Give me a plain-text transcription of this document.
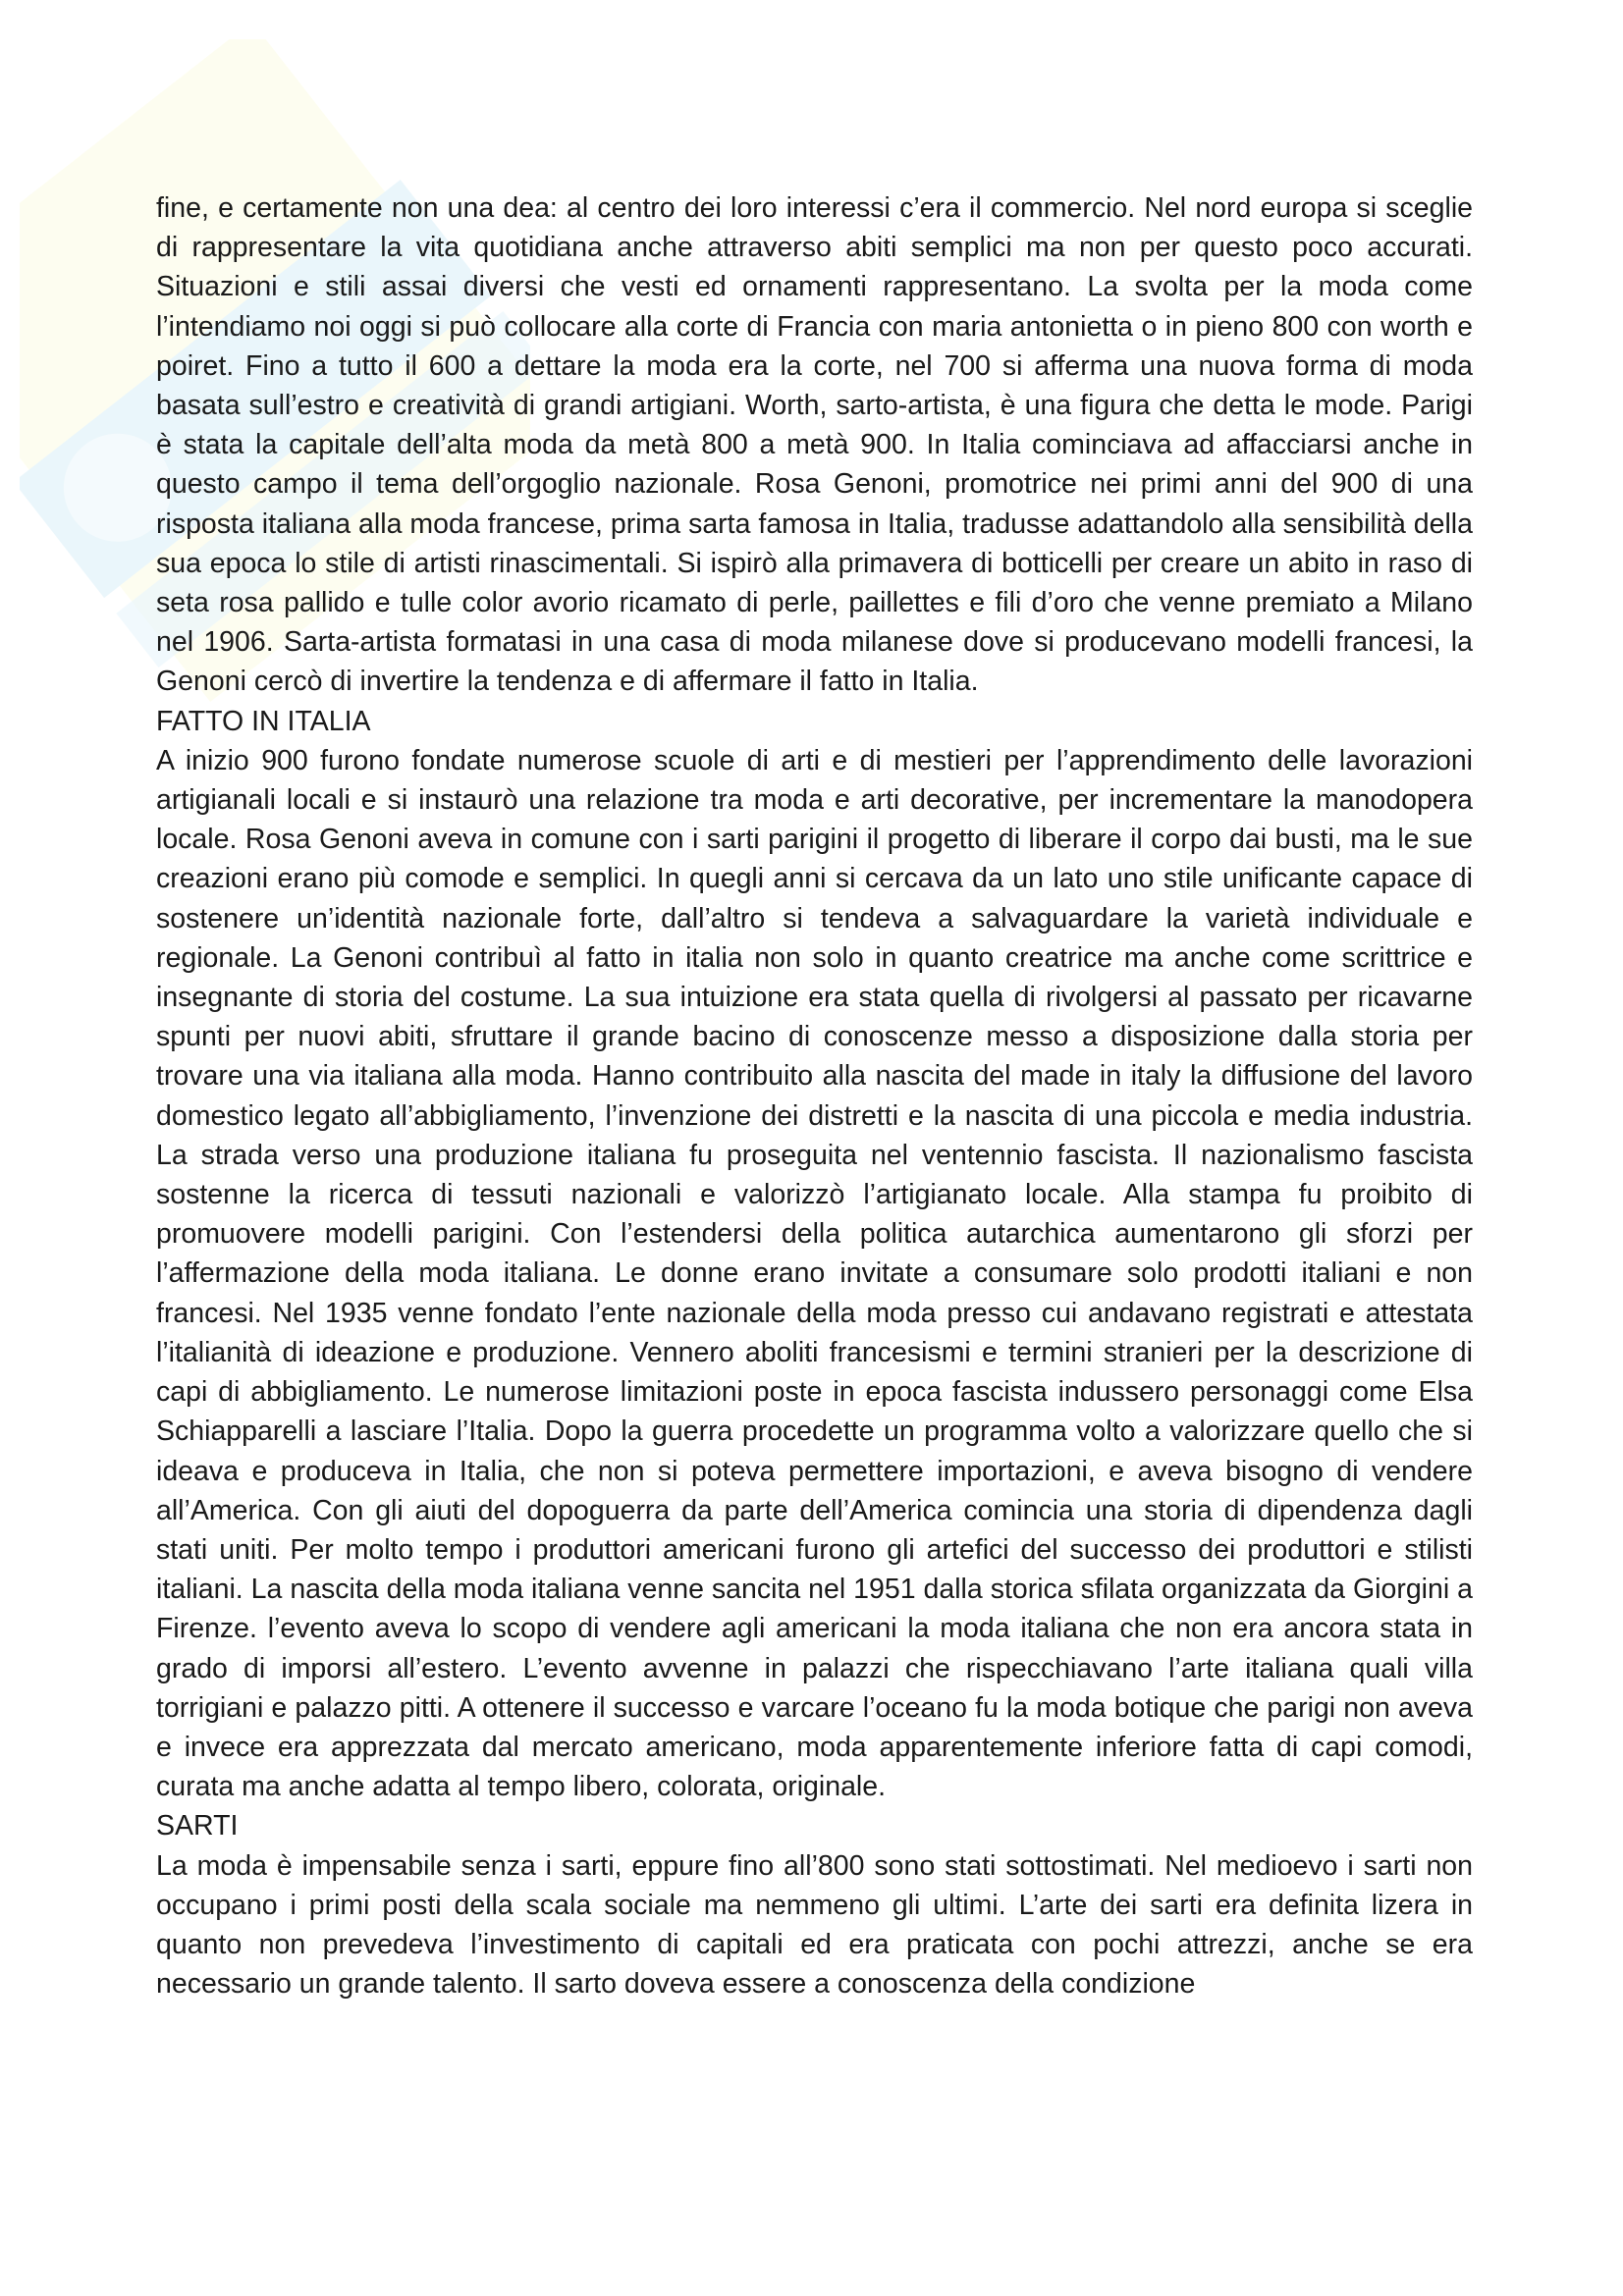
fine, e certamente non una dea: al centro dei loro interessi c’era il commercio. Nel nord europa si sceglie di rappresentare la vita quotidiana anche attraverso abiti semplici ma non per questo poco accurati. Situazioni e stili assai diversi che vesti ed ornamenti rappresentano. La svolta per la moda come l’intendiamo noi oggi si può collocare alla corte di Francia con maria antonietta o in pieno 800 con worth e poiret. Fino a tutto il 600 a dettare la moda era la corte, nel 700 si afferma una nuova forma di moda basata sull’estro e creatività di grandi artigiani. Worth, sarto-artista, è una figura che detta le mode. Parigi è stata la capitale dell’alta moda da metà 800 a metà 900. In Italia cominciava ad affacciarsi anche in questo campo il tema dell’orgoglio nazionale. Rosa Genoni, promotrice nei primi anni del 900 di una risposta italiana alla moda francese, prima sarta famosa in Italia, tradusse adattandolo alla sensibilità della sua epoca lo stile di artisti rinascimentali. Si ispirò alla primavera di botticelli per creare un abito in raso di seta rosa pallido e tulle color avorio ricamato di perle, paillettes e fili d’oro che venne premiato a Milano nel 1906. Sarta-artista formatasi in una casa di moda milanese dove si producevano modelli francesi, la Genoni cercò di invertire la tendenza e di affermare il fatto in Italia.

FATTO IN ITALIA

A inizio 900 furono fondate numerose scuole di arti e di mestieri per l’apprendimento delle lavorazioni artigianali locali e si instaurò una relazione tra moda e arti decorative, per incrementare la manodopera locale. Rosa Genoni aveva in comune con i sarti parigini il progetto di liberare il corpo dai busti, ma le sue creazioni erano più comode e semplici. In quegli anni si cercava da un lato uno stile unificante capace di sostenere un’identità nazionale forte, dall’altro si tendeva a salvaguardare la varietà individuale e regionale. La Genoni contribuì al fatto in italia non solo in quanto creatrice ma anche come scrittrice e insegnante di storia del costume. La sua intuizione era stata quella di rivolgersi al passato per ricavarne spunti per nuovi abiti, sfruttare il grande bacino di conoscenze messo a disposizione dalla storia per trovare una via italiana alla moda. Hanno contribuito alla nascita del made in italy la diffusione del lavoro domestico legato all’abbigliamento, l’invenzione dei distretti e la nascita di una piccola e media industria. La strada verso una produzione italiana fu proseguita nel ventennio fascista. Il nazionalismo fascista sostenne la ricerca di tessuti nazionali e valorizzò l’artigianato locale. Alla stampa fu proibito di promuovere modelli parigini. Con l’estendersi della politica autarchica aumentarono gli sforzi per l’affermazione della moda italiana. Le donne erano invitate a consumare solo prodotti italiani e non francesi. Nel 1935 venne fondato l’ente nazionale della moda presso cui andavano registrati e attestata l’italianità di ideazione e produzione. Vennero aboliti francesismi e termini stranieri per la descrizione di capi di abbigliamento. Le numerose limitazioni poste in epoca fascista indussero personaggi come Elsa Schiapparelli a lasciare l’Italia. Dopo la guerra procedette un programma volto a valorizzare quello che si ideava e produceva in Italia, che non si poteva permettere importazioni, e aveva bisogno di vendere all’America. Con gli aiuti del dopoguerra da parte dell’America comincia una storia di dipendenza dagli stati uniti. Per molto tempo i produttori americani furono gli artefici del successo dei produttori e stilisti italiani. La nascita della moda italiana venne sancita nel 1951 dalla storica sfilata organizzata da Giorgini a Firenze. l’evento aveva lo scopo di vendere agli americani la moda italiana che non era ancora stata in grado di imporsi all’estero. L’evento avvenne in palazzi che rispecchiavano l’arte italiana quali villa torrigiani e palazzo pitti. A ottenere il successo e varcare l’oceano fu la moda botique che parigi non aveva e invece era apprezzata dal mercato americano, moda apparentemente inferiore fatta di capi comodi, curata ma anche adatta al tempo libero, colorata, originale.

SARTI

La moda è impensabile senza i sarti, eppure fino all’800 sono stati sottostimati. Nel medioevo i sarti non occupano i primi posti della scala sociale ma nemmeno gli ultimi. L’arte dei sarti era definita lizera in quanto non prevedeva l’investimento di capitali ed era praticata con pochi attrezzi, anche se era necessario un grande talento. Il sarto doveva essere a conoscenza della condizione
